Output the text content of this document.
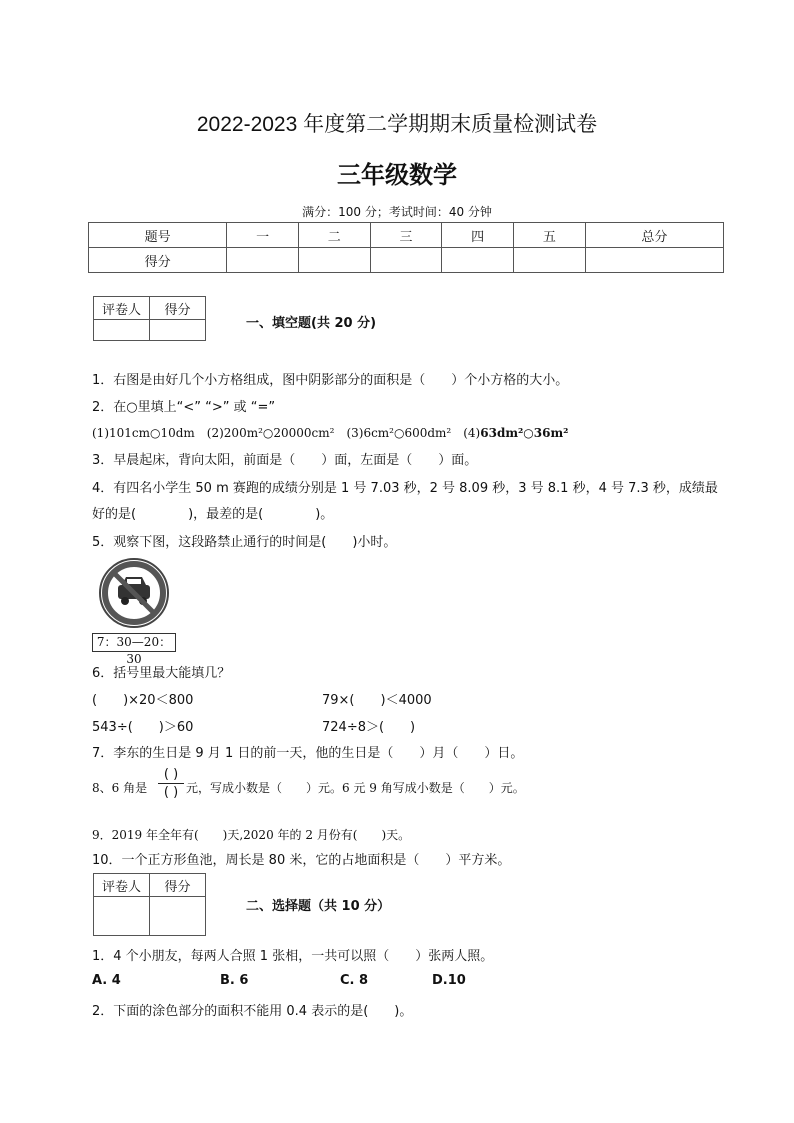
2022-2023 年度第二学期期末质量检测试卷
三年级数学
满分：100 分；考试时间：40 分钟
题号	一	二	三	四	五	总分
得分						
评卷人	得分

一、填空题(共 20 分)
1．右图是由好几个小方格组成，图中阴影部分的面积是（　　）个小方格的大小。
2．在○里填上“<” “>” 或 “=”
(1)101cm○10dm　(2)200m²○20000cm²　(3)6cm²○600dm²　(4)63dm²○36m²
3．早晨起床，背向太阳，前面是（　　）面，左面是（　　）面。
4．有四名小学生 50 m 赛跑的成绩分别是 1 号 7.03 秒，2 号 8.09 秒，3 号 8.1 秒，4 号 7.3 秒，成绩最
好的是(　　　　)，最差的是(　　　　)。
5．观察下图，这段路禁止通行的时间是(　　)小时。
7：30—20：30
6．括号里最大能填几？
(　　)×20＜800	79×(　　)＜4000
543÷(　　)＞60	724÷8＞(　　)
7．李东的生日是 9 月 1 日的前一天，他的生日是（　　）月（　　）日。
8、6 角是
( )
( ) 元，写成小数是（　　）元。6 元 9 角写成小数是（　　）元。
9．2019 年全年有(　　)天,2020 年的 2 月份有(　　)天。
10．一个正方形鱼池，周长是 80 米，它的占地面积是（　　）平方米。
评卷人	得分

二、选择题（共 10 分）
1．4 个小朋友，每两人合照 1 张相，一共可以照（　　）张两人照。
A. 4	B. 6	C. 8	D.10
2．下面的涂色部分的面积不能用 0.4 表示的是(　　)。
